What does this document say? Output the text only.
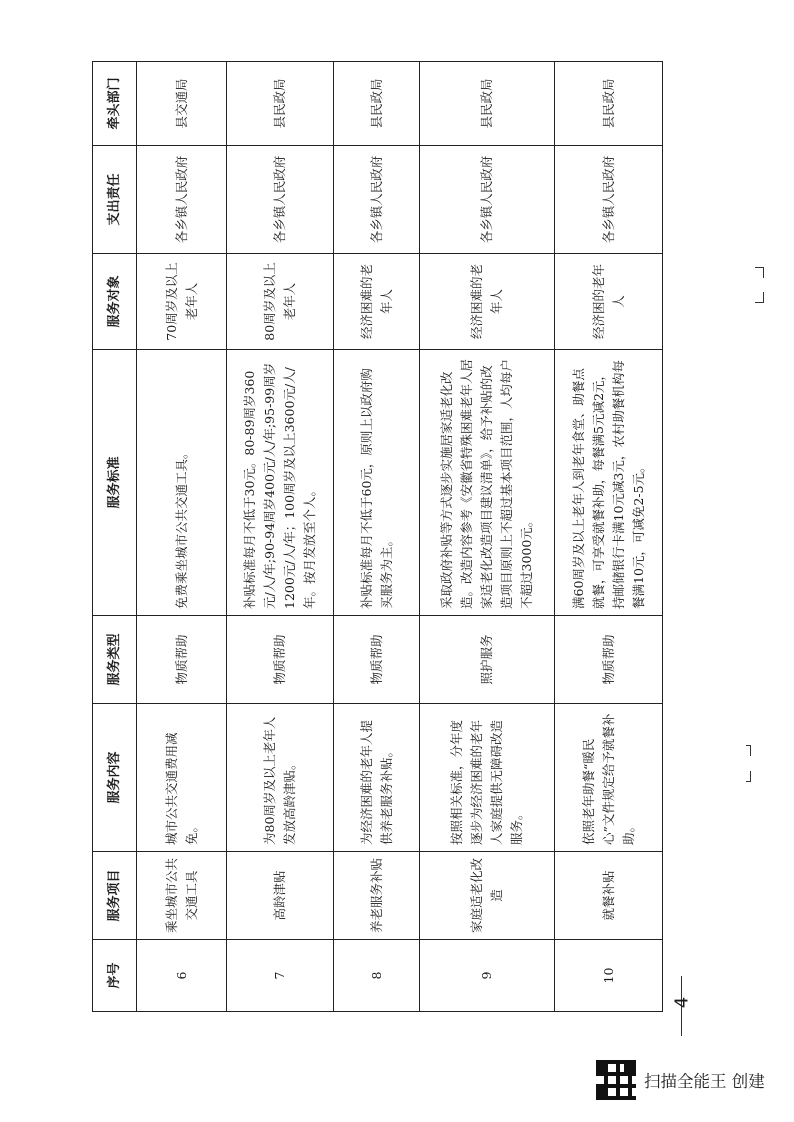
序号	服务项目	服务内容	服务类型	服务标准	服务对象	支出责任	牵头部门
6	乘坐城市公共交通工具	城市公共交通费用减免。	物质帮助	免费乘坐城市公共交通工具。	70周岁及以上老年人	各乡镇人民政府	县交通局
7	高龄津贴	为80周岁及以上老年人发放高龄津贴。	物质帮助	补贴标准每月不低于30元。80-89周岁360元/人/年;90-94周岁400元/人/年;95-99周岁1200元/人/年；100周岁及以上3600元/人/年。按月发放至个人。	80周岁及以上老年人	各乡镇人民政府	县民政局
8	养老服务补贴	为经济困难的老年人提供养老服务补贴。	物质帮助	补贴标准每月不低于60元，原则上以政府购买服务为主。	经济困难的老年人	各乡镇人民政府	县民政局
9	家庭适老化改造	按照相关标准，分年度逐步为经济困难的老年人家庭提供无障碍改造服务。	照护服务	采取政府补贴等方式逐步实施居家适老化改造。改造内容参考《安徽省特殊困难老年人居家适老化改造项目建议清单》，给予补贴的改造项目原则上不超过基本项目范围，人均每户不超过3000元。	经济困难的老年人	各乡镇人民政府	县民政局
10	就餐补贴	依照老年助餐“暖民心”文件规定给予就餐补助。	物质帮助	满60周岁及以上老年人到老年食堂、助餐点就餐，可享受就餐补助，每餐满5元减2元，持邮储银行卡满10元减3元，农村助餐机构每餐满10元，可减免2-5元。	经济困的老年人	各乡镇人民政府	县民政局
4
扫描全能王 创建
